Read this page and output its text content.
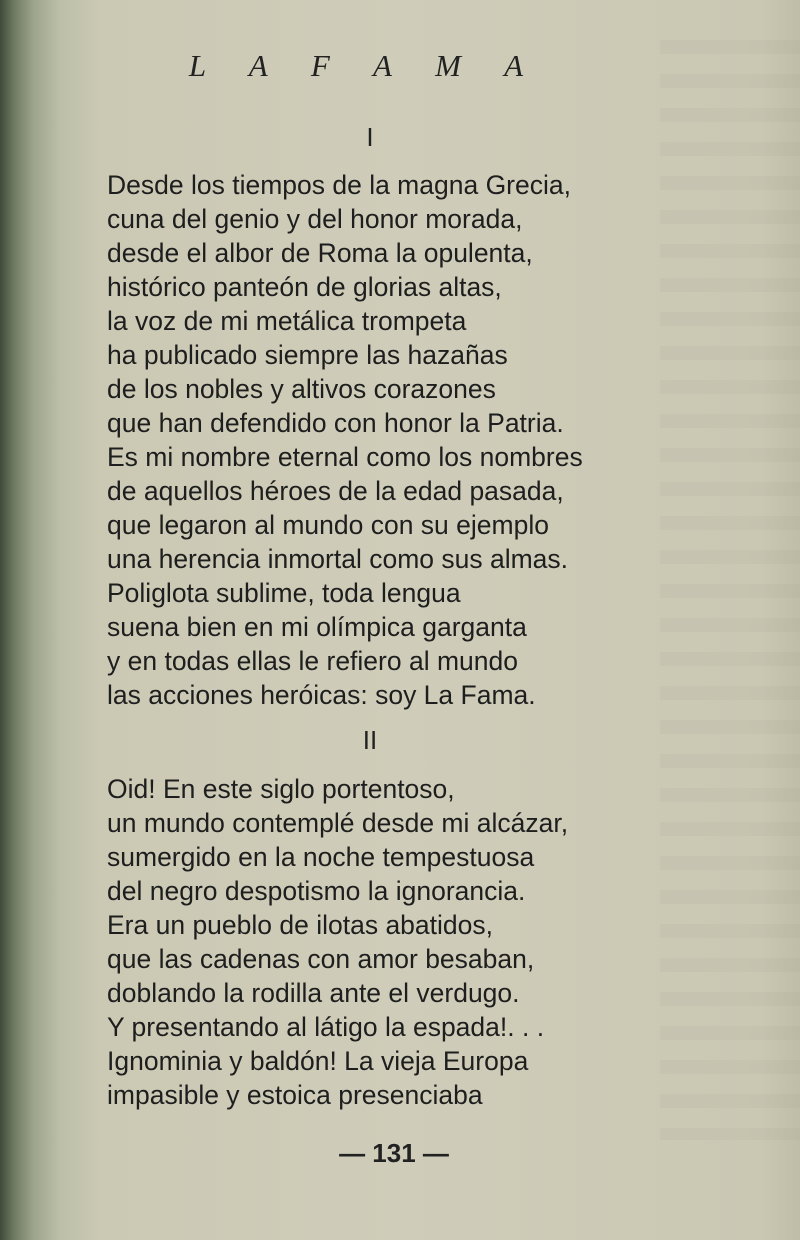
L A F A M A
I
Desde los tiempos de la magna Grecia,
cuna del genio y del honor morada,
desde el albor de Roma la opulenta,
histórico panteón de glorias altas,
la voz de mi metálica trompeta
ha publicado siempre las hazañas
de los nobles y altivos corazones
que han defendido con honor la Patria.
Es mi nombre eternal como los nombres
de aquellos héroes de la edad pasada,
que legaron al mundo con su ejemplo
una herencia inmortal como sus almas.
Poliglota sublime, toda lengua
suena bien en mi olímpica garganta
y en todas ellas le refiero al mundo
las acciones heróicas: soy La Fama.
II
Oid! En este siglo portentoso,
un mundo contemplé desde mi alcázar,
sumergido en la noche tempestuosa
del negro despotismo la ignorancia.
Era un pueblo de ilotas abatidos,
que las cadenas con amor besaban,
doblando la rodilla ante el verdugo.
Y presentando al látigo la espada!. . .
Ignominia y baldón! La vieja Europa
impasible y estoica presenciaba
— 131 —
